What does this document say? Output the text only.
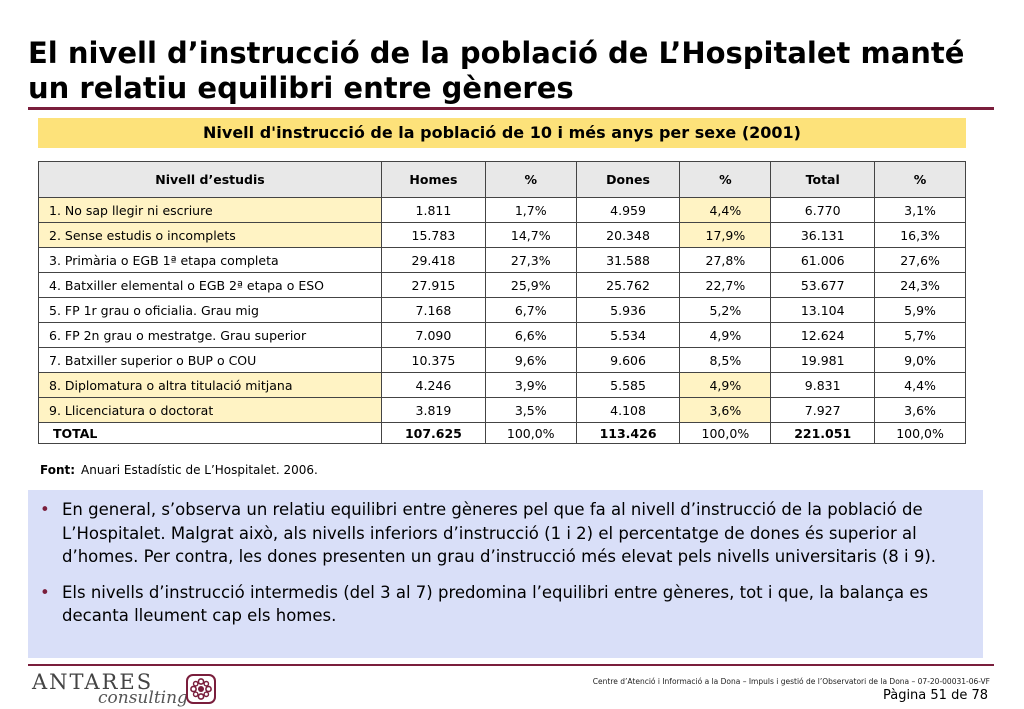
El nivell d’instrucció de la població de L’Hospitalet manté un relatiu equilibri entre gèneres
Nivell d'instrucció de la població de 10 i més anys per sexe (2001)
Nivell d’estudis	Homes	%	Dones	%	Total	%
1. No sap llegir ni escriure	1.811	1,7%	4.959	4,4%	6.770	3,1%
2. Sense estudis o incomplets	15.783	14,7%	20.348	17,9%	36.131	16,3%
3. Primària o EGB 1ª etapa completa	29.418	27,3%	31.588	27,8%	61.006	27,6%
4. Batxiller elemental o EGB 2ª etapa o ESO	27.915	25,9%	25.762	22,7%	53.677	24,3%
5. FP 1r grau o oficialia. Grau mig	7.168	6,7%	5.936	5,2%	13.104	5,9%
6. FP 2n grau o mestratge. Grau superior	7.090	6,6%	5.534	4,9%	12.624	5,7%
7. Batxiller superior o BUP o COU	10.375	9,6%	9.606	8,5%	19.981	9,0%
8. Diplomatura o altra titulació mitjana	4.246	3,9%	5.585	4,9%	9.831	4,4%
9. Llicenciatura o doctorat	3.819	3,5%	4.108	3,6%	7.927	3,6%
TOTAL	107.625	100,0%	113.426	100,0%	221.051	100,0%
Font: Anuari Estadístic de L’Hospitalet. 2006.
• En general, s’observa un relatiu equilibri entre gèneres pel que fa al nivell d’instrucció de la població de L’Hospitalet. Malgrat això, als nivells inferiors d’instrucció (1 i 2) el percentatge de dones és superior al d’homes. Per contra, les dones presenten un grau d’instrucció més elevat pels nivells universitaris (8 i 9).
• Els nivells d’instrucció intermedis (del 3 al 7) predomina l’equilibri entre gèneres, tot i que, la balança es decanta lleument cap els homes.
ANTARES
consulting
Centre d’Atenció i Informació a la Dona – Impuls i gestió de l’Observatori de la Dona – 07-20-00031-06-VF
Pàgina 51 de 78
